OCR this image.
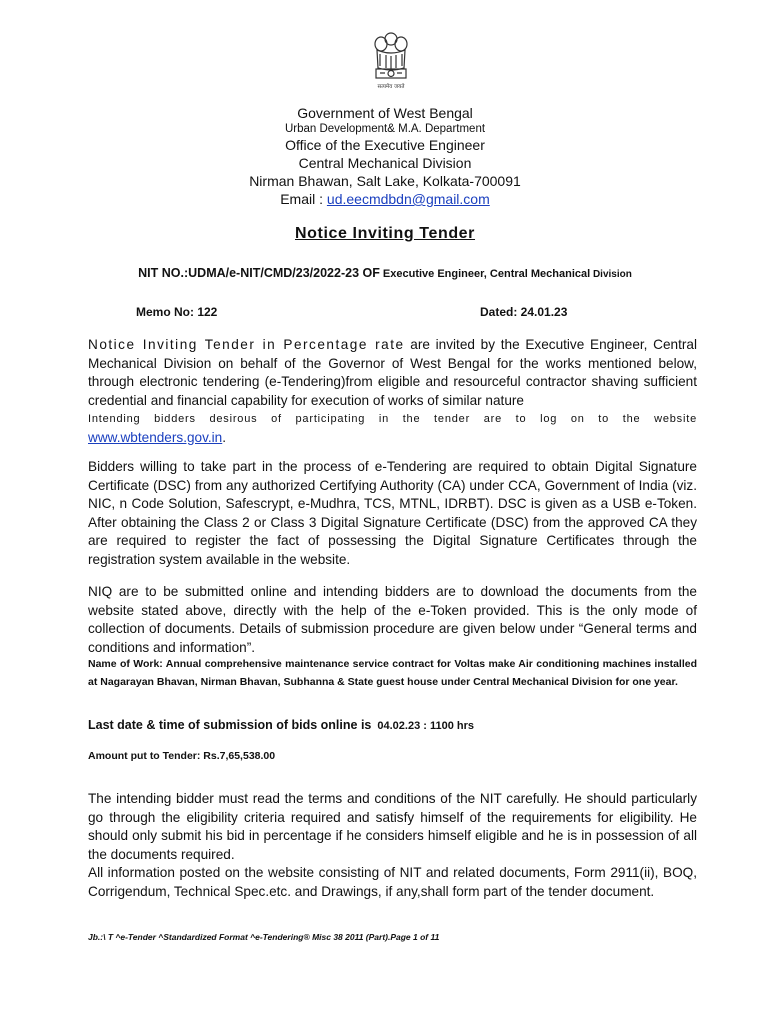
सत्यमेव जयते
Government of West Bengal
Urban Development& M.A. Department
Office of the Executive Engineer
Central Mechanical Division
Nirman Bhawan, Salt Lake, Kolkata-700091
Email : ud.eecmdbdn@gmail.com
Notice Inviting Tender
NIT NO.:UDMA/e-NIT/CMD/23/2022-23 OF Executive Engineer, Central Mechanical Division
Memo No: 122	Dated: 24.01.23
Notice Inviting Tender in Percentage rate are invited by the Executive Engineer, Central Mechanical Division on behalf of the Governor of West Bengal for the works mentioned below, through electronic tendering (e-Tendering)from eligible and resourceful contractor shaving sufficient credential and financial capability for execution of works of similar nature
Intending bidders desirous of participating in the tender are to log on to the website
www.wbtenders.gov.in.
Bidders willing to take part in the process of e-Tendering are required to obtain Digital Signature Certificate (DSC) from any authorized Certifying Authority (CA) under CCA, Government of India (viz. NIC, n Code Solution, Safescrypt, e-Mudhra, TCS, MTNL, IDRBT). DSC is given as a USB e-Token. After obtaining the Class 2 or Class 3 Digital Signature Certificate (DSC) from the approved CA they are required to register the fact of possessing the Digital Signature Certificates through the registration system available in the website.
NIQ are to be submitted online and intending bidders are to download the documents from the website stated above, directly with the help of the e-Token provided. This is the only mode of collection of documents. Details of submission procedure are given below under “General terms and conditions and information”.
Name of Work: Annual comprehensive maintenance service contract for Voltas make Air conditioning machines installed at Nagarayan Bhavan, Nirman Bhavan, Subhanna & State guest house under Central Mechanical Division for one year.
Last date & time of submission of bids online is 04.02.23 : 1100 hrs
Amount put to Tender: Rs.7,65,538.00
The intending bidder must read the terms and conditions of the NIT carefully. He should particularly go through the eligibility criteria required and satisfy himself of the requirements for eligibility. He should only submit his bid in percentage if he considers himself eligible and he is in possession of all the documents required.
All information posted on the website consisting of NIT and related documents, Form 2911(ii), BOQ, Corrigendum, Technical Spec.etc. and Drawings, if any,shall form part of the tender document.
Jb.:\ T ^e-Tender ^Standardized Format ^e-Tendering® Misc 38 2011 (Part).Page 1 of 11
